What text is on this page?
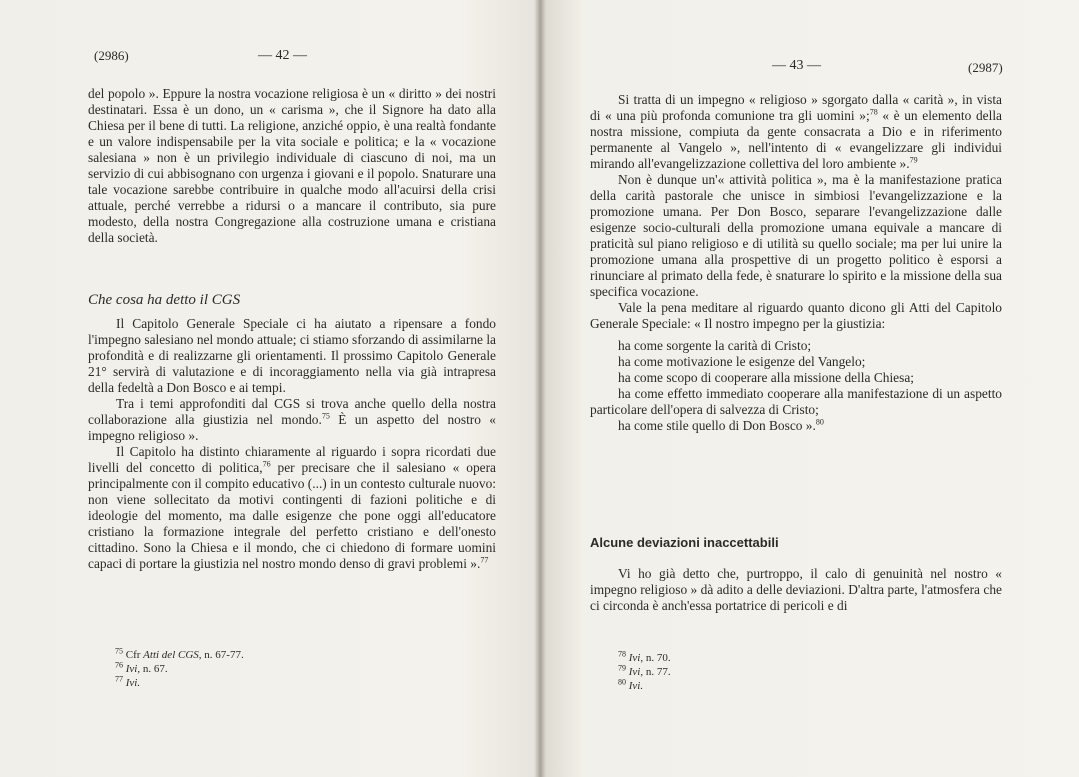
(2986)	— 42 —

del popolo ». Eppure la nostra vocazione religiosa è un « diritto » dei nostri destinatari. Essa è un dono, un « carisma », che il Signore ha dato alla Chiesa per il bene di tutti. La religione, anziché oppio, è una realtà fondante e un valore indispensabile per la vita sociale e politica; e la « vocazione salesiana » non è un privilegio individuale di ciascuno di noi, ma un servizio di cui abbisognano con urgenza i giovani e il popolo. Snaturare una tale vocazione sarebbe contribuire in qualche modo all'acuirsi della crisi attuale, perché verrebbe a ridursi o a mancare il contributo, sia pure modesto, della nostra Congregazione alla costruzione umana e cristiana della società.

Che cosa ha detto il CGS

Il Capitolo Generale Speciale ci ha aiutato a ripensare a fondo l'impegno salesiano nel mondo attuale; ci stiamo sforzando di assimilarne la profondità e di realizzarne gli orientamenti. Il prossimo Capitolo Generale 21° servirà di valutazione e di incoraggiamento nella via già intrapresa della fedeltà a Don Bosco e ai tempi.

Tra i temi approfonditi dal CGS si trova anche quello della nostra collaborazione alla giustizia nel mondo.$^{75}$ È un aspetto del nostro « impegno religioso ».

Il Capitolo ha distinto chiaramente al riguardo i sopra ricordati due livelli del concetto di politica,$^{76}$ per precisare che il salesiano « opera principalmente con il compito educativo (...) in un contesto culturale nuovo: non viene sollecitato da motivi contingenti di fazioni politiche e di ideologie del momento, ma dalle esigenze che pone oggi all'educatore cristiano la formazione integrale del perfetto cristiano e dell'onesto cittadino. Sono la Chiesa e il mondo, che ci chiedono di formare uomini capaci di portare la giustizia nel nostro mondo denso di gravi problemi ».$^{77}$

$^{75}$ Cfr Atti del CGS, n. 67-77.
$^{76}$ Ivi, n. 67.
$^{77}$ Ivi.
— 43 —	(2987)

Si tratta di un impegno « religioso » sgorgato dalla « carità », in vista di « una più profonda comunione tra gli uomini »;$^{78}$ « è un elemento della nostra missione, compiuta da gente consacrata a Dio e in riferimento permanente al Vangelo », nell'intento di « evangelizzare gli individui mirando all'evangelizzazione collettiva del loro ambiente ».$^{79}$

Non è dunque un'« attività politica », ma è la manifestazione pratica della carità pastorale che unisce in simbiosi l'evangelizzazione e la promozione umana. Per Don Bosco, separare l'evangelizzazione dalle esigenze socio-culturali della promozione umana equivale a mancare di praticità sul piano religioso e di utilità su quello sociale; ma per lui unire la promozione umana alla prospettive di un progetto politico è esporsi a rinunciare al primato della fede, è snaturare lo spirito e la missione della sua specifica vocazione.

Vale la pena meditare al riguardo quanto dicono gli Atti del Capitolo Generale Speciale: « Il nostro impegno per la giustizia:

ha come sorgente la carità di Cristo;

ha come motivazione le esigenze del Vangelo;

ha come scopo di cooperare alla missione della Chiesa;

ha come effetto immediato cooperare alla manifestazione di un aspetto particolare dell'opera di salvezza di Cristo;

ha come stile quello di Don Bosco ».$^{80}$

Alcune deviazioni inaccettabili

Vi ho già detto che, purtroppo, il calo di genuinità nel nostro « impegno religioso » dà adito a delle deviazioni. D'altra parte, l'atmosfera che ci circonda è anch'essa portatrice di pericoli e di

$^{78}$ Ivi, n. 70.
$^{79}$ Ivi, n. 77.
$^{80}$ Ivi.
